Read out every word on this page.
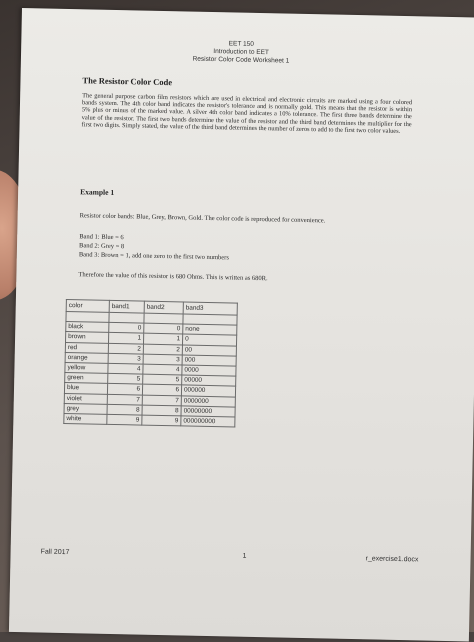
EET 150
Introduction to EET
Resistor Color Code Worksheet 1
The Resistor Color Code
The general purpose carbon film resistors which are used in electrical and electronic circuits are marked using a four colored bands system. The 4th color band indicates the resistor's tolerance and is normally gold. This means that the resistor is within 5% plus or minus of the marked value. A silver 4th color band indicates a 10% tolerance. The first three bands determine the value of the resistor. The first two bands determine the value of the resistor and the third band determines the multiplier for the first two digits. Simply stated, the value of the third band determines the number of zeros to add to the first two color values.
Example 1
Resistor color bands: Blue, Grey, Brown, Gold. The color code is reproduced for convenience.
Band 1: Blue = 6
Band 2: Grey = 8
Band 3: Brown = 1, add one zero to the first two numbers
Therefore the value of this resistor is 680 Ohms. This is written as 680R.
color	band1	band2	band3

black	0	0	none
brown	1	1	0
red	2	2	00
orange	3	3	000
yellow	4	4	0000
green	5	5	00000
blue	6	6	000000
violet	7	7	0000000
grey	8	8	00000000
white	9	9	000000000
Fall 2017
1	r_exercise1.docx
